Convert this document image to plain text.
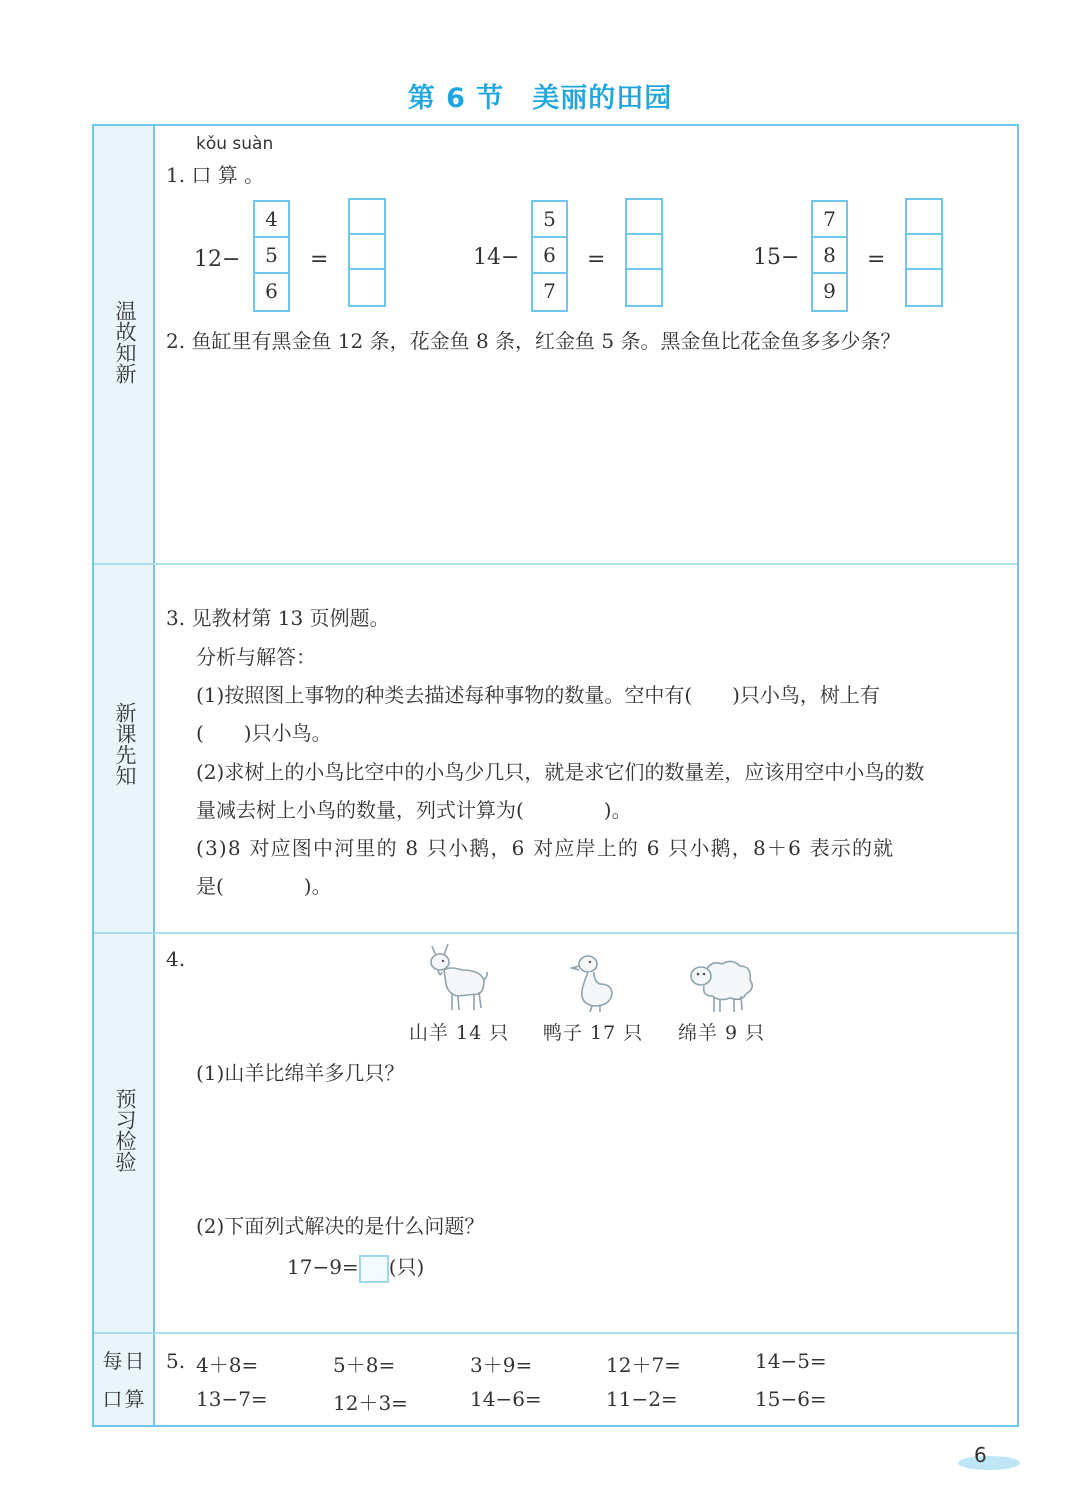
第 6 节 美丽的田园
温故知新
新课先知
预习检验
每日口算
kǒu suàn
1. 口 算 。
12−
4
5
6
=	14−
5
6
7
=	15−
7
8
9
=
2. 鱼缸里有黑金鱼 12 条，花金鱼 8 条，红金鱼 5 条。黑金鱼比花金鱼多多少条？
3. 见教材第 13 页例题。
分析与解答：
(1)按照图上事物的种类去描述每种事物的数量。空中有(　　)只小鸟，树上有
(　　)只小鸟。
(2)求树上的小鸟比空中的小鸟少几只，就是求它们的数量差，应该用空中小鸟的数
量减去树上小鸟的数量，列式计算为(　　　　)。
(3)8 对应图中河里的 8 只小鹅，6 对应岸上的 6 只小鹅，8＋6 表示的就
是(　　　　)。
4.
山羊 14 只 鸭子 17 只 绵羊 9 只
(1)山羊比绵羊多几只？
(2)下面列式解决的是什么问题？
17−9= (只)
5. 4＋8=	5＋8=	3＋9=	12＋7=	14−5=
13−7=	12＋3=	14−6=	11−2=	15−6=
6
